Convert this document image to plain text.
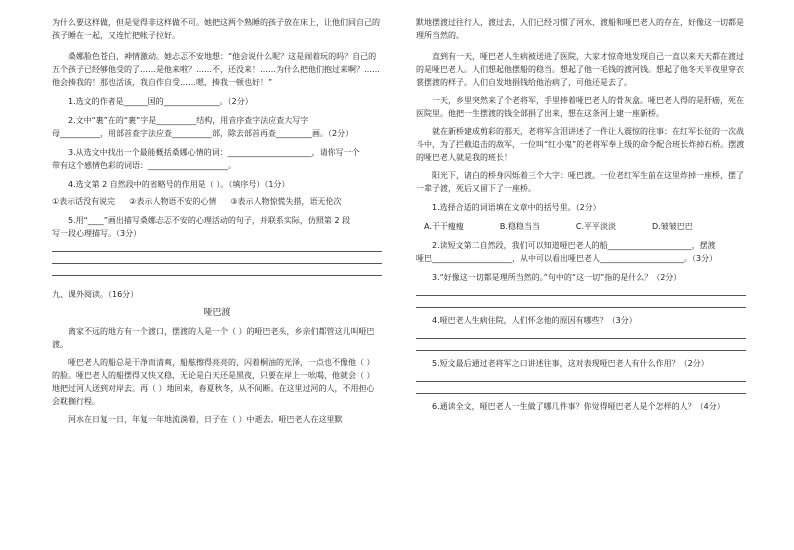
为什么要这样做，但是觉得非这样做不可。她把这两个熟睡的孩子放在床上，让他们同自己的孩子睡在一起，又连忙把帐子拉好。

桑娜脸色苍白，神情激动。她忐忑不安地想：“他会说什么呢？这是闹着玩的吗？自己的五个孩子已经够他受的了……是他来啦？……不，还没来！……为什么把他们抱过来啊？……他会揍我的！那也活该，我自作自受……嗯，揍我一顿也好！”

1.选文的作者是______国的______________。（2分）

2.文中“裹”在的“裹”字是__________结构，用音序查字法应查大写字

母__________，用部首查字法应查__________部，除去部首再查_________画。（2分）

3.从选文中找出一个最能概括桑娜心情的词：_____________________，请你写一个

带有这个感情色彩的词语：____________________。

4.选文第 2 自然段中的省略号的作用是（ ）。（填序号）（1分）

①表示话没有说完 ②表示人物语不安的心情 ③表示人物惊慌失措，语无伦次

5.用“____”画出描写桑娜忐忑不安的心理活动的句子，并联系实际，仿照第 2 段

写一段心理描写。（3分）

九、课外阅读。（16分）

哑巴渡

离家不远的地方有一个渡口，摆渡的人是一个（ ）的哑巴老头，乡亲们都管这儿叫哑巴渡。

哑巴老人的船总是干净而清爽，船舷擦得亮亮的，闪着桐油的光泽，一点也不像他（ ）的脸。哑巴老人的船摆得又快又稳，无论是白天还是黑夜，只要在岸上一吆喝，他就会（ ）地把过河人送到对岸去。再（ ）地回来，春夏秋冬，从不间断。在这里过河的人，不用担心会耽搁行程。

河水在日复一日，年复一年地流淌着，日子在（ ）中逝去。哑巴老人在这里默

默地摆渡过往行人，渡过去，人们已经习惯了河水、渡船和哑巴老人的存在，好像这一切都是理所当然的。

直到有一天，哑巴老人生病被送进了医院，大家才惊奇地发现自己一直以来天天都在渡过的是哑巴老人。人们想起他摆船的稳当。想起了他一毛钱的渡河钱。想起了他冬天半夜里穿衣裳摆渡的样子。人们自发地捐钱给他治病了，可他还是去了。

一天，乡里突然来了个老将军，手里捧着哑巴老人的骨灰盒。哑巴老人得的是肝癌，死在医院里。他把一生摆渡的钱全部捐了出来，想在这条河上建一座新桥。

就在新桥建成剪彩的那天，老将军含泪讲述了一件让人震惊的往事：在红军长征的一次战斗中，为了拦截追击的敌军，一位叫“红小鬼”的老将军奉上级的命令配合班长炸掉石桥。摆渡的哑巴老人就是我的班长！

阳光下，诸白的桥身闪烁着三个大字：哑巴渡。一位老红军生前在这里炸掉一座桥，摆了一辈子渡，死后又留下了一座桥。

1.选择合适的词语填在文章中的括号里。（2分）

A.干干瘦瘦	B.稳稳当当	C.平平淡淡	D.皱皱巴巴

2.读短文第二自然段，我们可以知道哑巴老人的船_____________________，摆渡

哑巴____________________，从中可以看出哑巴老人_____________________。（3分）

3.“好像这一切都是理所当然的。”句中的“这一切”指的是什么？（2分）

4.哑巴老人生病住院，人们怀念他的原因有哪些？（3分）

5.短文最后通过老将军之口讲述往事，这对表现哑巴老人有什么作用？（2分）

6.通读全文，哑巴老人一生做了哪几件事？你觉得哑巴老人是个怎样的人？（4分）
